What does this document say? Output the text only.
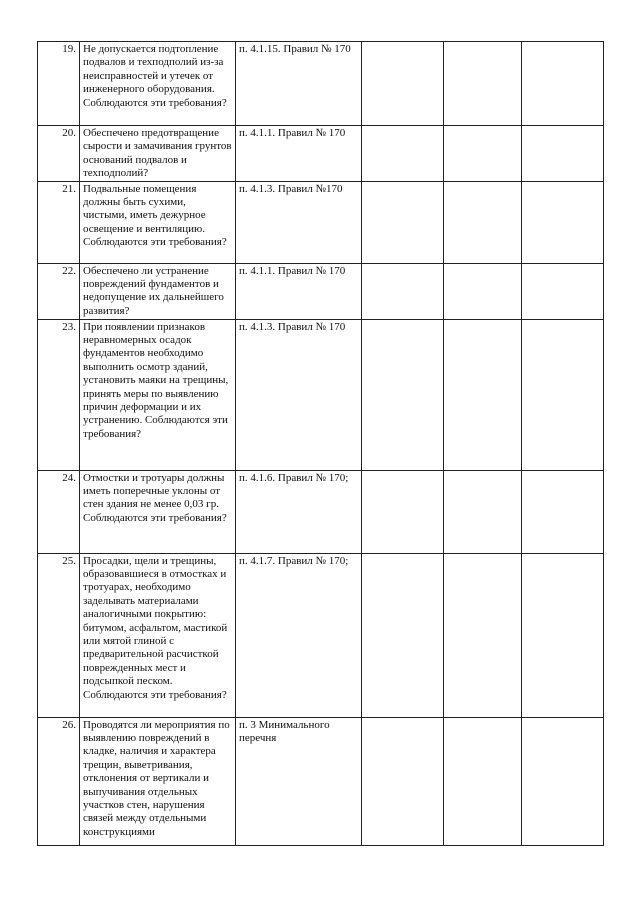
19.	Не допускается подтопление подвалов и техподполий из-за неисправностей и утечек от инженерного оборудования. Соблюдаются эти требования?	п. 4.1.15. Правил № 170			
20.	Обеспечено предотвращение сырости и замачивания грунтов оснований подвалов и техподполий?	п. 4.1.1. Правил № 170			
21.	Подвальные помещения должны быть сухими, чистыми, иметь дежурное освещение и вентиляцию. Соблюдаются эти требования?	п. 4.1.3. Правил №170			
22.	Обеспечено ли устранение повреждений фундаментов и недопущение их дальнейшего развития?	п. 4.1.1. Правил № 170			
23.	При появлении признаков неравномерных осадок фундаментов необходимо выполнить осмотр зданий, установить маяки на трещины, принять меры по выявлению причин деформации и их устранению. Соблюдаются эти требования?	п. 4.1.3. Правил № 170			
24.	Отмостки и тротуары должны иметь поперечные уклоны от стен здания не менее 0,03 гр. Соблюдаются эти требования?	п. 4.1.6. Правил № 170;			
25.	Просадки, щели и трещины, образовавшиеся в отмостках и тротуарах, необходимо заделывать материалами аналогичными покрытию: битумом, асфальтом, мастикой или мятой глиной с предварительной расчисткой поврежденных мест и подсыпкой песком. Соблюдаются эти требования?	п. 4.1.7. Правил № 170;			
26.	Проводятся ли мероприятия по выявлению повреждений в кладке, наличия и характера трещин, выветривания, отклонения от вертикали и выпучивания отдельных участков стен, нарушения связей между отдельными конструкциями	п. 3 Минимального перечня			
